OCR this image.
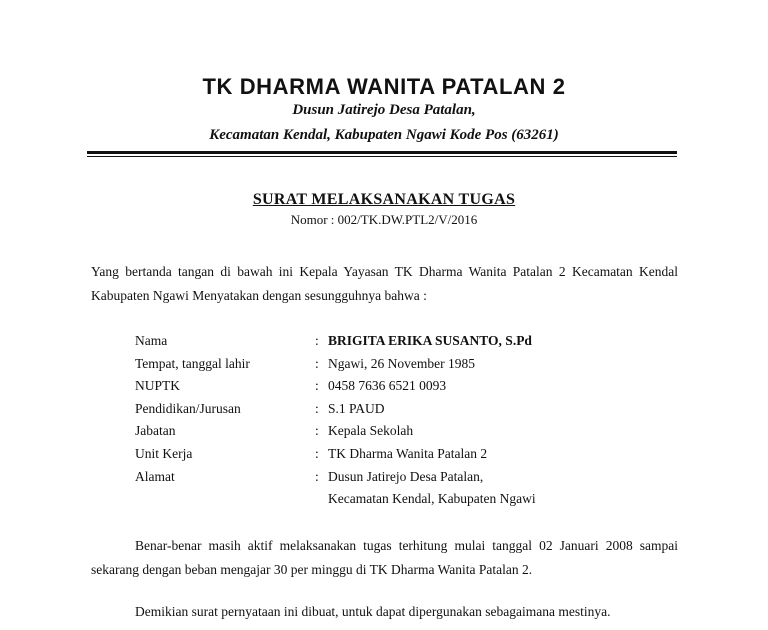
TK DHARMA WANITA PATALAN 2

Dusun Jatirejo Desa Patalan,

Kecamatan Kendal, Kabupaten Ngawi Kode Pos (63261)

SURAT MELAKSANAKAN TUGAS

Nomor : 002/TK.DW.PTL2/V/2016

Yang bertanda tangan di bawah ini Kepala Yayasan TK Dharma Wanita Patalan 2 Kecamatan Kendal Kabupaten Ngawi Menyatakan dengan sesungguhnya bahwa :

Nama	: BRIGITA ERIKA SUSANTO, S.Pd
Tempat, tanggal lahir	: Ngawi, 26 November 1985
NUPTK	: 0458 7636 6521 0093
Pendidikan/Jurusan	: S.1 PAUD
Jabatan	: Kepala Sekolah
Unit Kerja	: TK Dharma Wanita Patalan 2
Alamat	: Dusun Jatirejo Desa Patalan,
Kecamatan Kendal, Kabupaten Ngawi

Benar-benar masih aktif melaksanakan tugas terhitung mulai tanggal 02 Januari 2008 sampai sekarang dengan beban mengajar 30 per minggu di TK Dharma Wanita Patalan 2.

Demikian surat pernyataan ini dibuat, untuk dapat dipergunakan sebagaimana mestinya.
